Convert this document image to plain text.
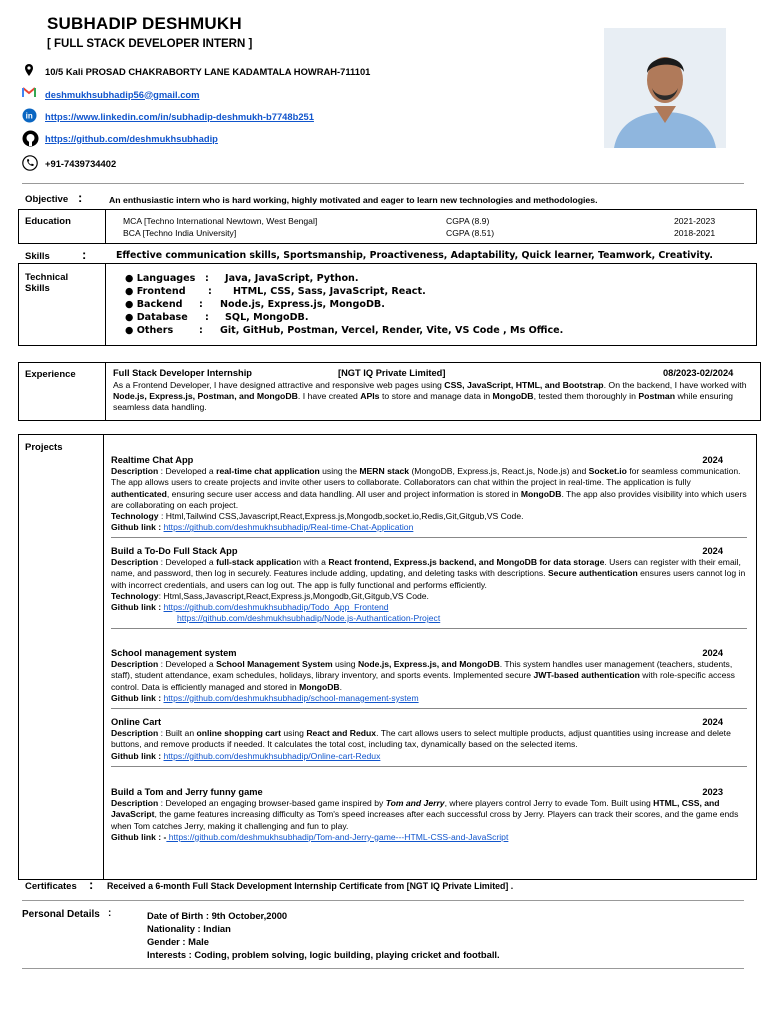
SUBHADIP DESHMUKH
[ FULL STACK DEVELOPER INTERN ]
10/5 Kali PROSAD CHAKRABORTY LANE KADAMTALA HOWRAH-711101
deshmukhsubhadip56@gmail.com
in https://www.linkedin.com/in/subhadip-deshmukh-b7748b251
https://github.com/deshmukhsubhadip
+91-7439734402
Objective :	An enthusiastic intern who is hard working, highly motivated and eager to learn new technologies and methodologies.
Education	MCA [Techno International Newtown, West Bengal]	CGPA (8.9)	2021-2023
BCA [Techno India University]	CGPA (8.51)	2018-2021
Skills :	Effective communication skills, Sportsmanship, Proactiveness, Adaptability, Quick learner, Teamwork, Creativity.
Technical
Skills
● Languages	:	Java, JavaScript, Python.
● Frontend	:	HTML, CSS, Sass, JavaScript, React.
● Backend	:	Node.js, Express.js, MongoDB.
● Database	:	SQL, MongoDB.
● Others	:	Git, GitHub, Postman, Vercel, Render, Vite, VS Code , Ms Office.
Experience	Full Stack Developer Internship	[NGT IQ Private Limited]	08/2023-02/2024
As a Frontend Developer, I have designed attractive and responsive web pages using CSS, JavaScript, HTML, and Bootstrap. On the backend, I have worked with Node.js, Express.js, Postman, and MongoDB. I have created APIs to store and manage data in MongoDB, tested them thoroughly in Postman while ensuring seamless data handling.
Projects
Realtime Chat App	2024
Description : Developed a real-time chat application using the MERN stack (MongoDB, Express.js, React.js, Node.js) and Socket.io for seamless communication. The app allows users to create projects and invite other users to collaborate. Collaborators can chat within the project in real-time. The application is fully authenticated, ensuring secure user access and data handling. All user and project information is stored in MongoDB. The app also provides visibility into which users are collaborating on each project.
Technology : Html,Tailwind CSS,Javascript,React,Express.js,Mongodb,socket.io,Redis,Git,Gitgub,VS Code.
Github link : https://github.com/deshmukhsubhadip/Real-time-Chat-Application
Build a To-Do Full Stack App	2024
Description : Developed a full-stack application with a React frontend, Express.js backend, and MongoDB for data storage. Users can register with their email, name, and password, then log in securely. Features include adding, updating, and deleting tasks with descriptions. Secure authentication ensures users cannot log in with incorrect credentials, and users can log out. The app is fully functional and performs efficiently.
Technology: Html,Sass,Javascript,React,Express.js,Mongodb,Git,Gitgub,VS Code.
Github link : https://github.com/deshmukhsubhadip/Todo_App_Frontend
https://github.com/deshmukhsubhadip/Node.js-Authantication-Project
School management system	2024
Description : Developed a School Management System using Node.js, Express.js, and MongoDB. This system handles user management (teachers, students, staff), student attendance, exam schedules, holidays, library inventory, and sports events. Implemented secure JWT-based authentication with role-specific access control. Data is efficiently managed and stored in MongoDB.
Github link : https://github.com/deshmukhsubhadip/school-management-system
Online Cart	2024
Description : Built an online shopping cart using React and Redux. The cart allows users to select multiple products, adjust quantities using increase and delete buttons, and remove products if needed. It calculates the total cost, including tax, dynamically based on the selected items.
Github link : https://github.com/deshmukhsubhadip/Online-cart-Redux
Build a Tom and Jerry funny game	2023
Description : Developed an engaging browser-based game inspired by Tom and Jerry, where players control Jerry to evade Tom. Built using HTML, CSS, and JavaScript, the game features increasing difficulty as Tom's speed increases after each successful cross by Jerry. Players can track their scores, and the game ends when Tom catches Jerry, making it challenging and fun to play.
Github link : - https://github.com/deshmukhsubhadip/Tom-and-Jerry-game---HTML-CSS-and-JavaScript
Certificates : Received a 6-month Full Stack Development Internship Certificate from [NGT IQ Private Limited] .
Personal Details :	Date of Birth : 9th October,2000
Nationality : Indian
Gender : Male
Interests : Coding, problem solving, logic building, playing cricket and football.
